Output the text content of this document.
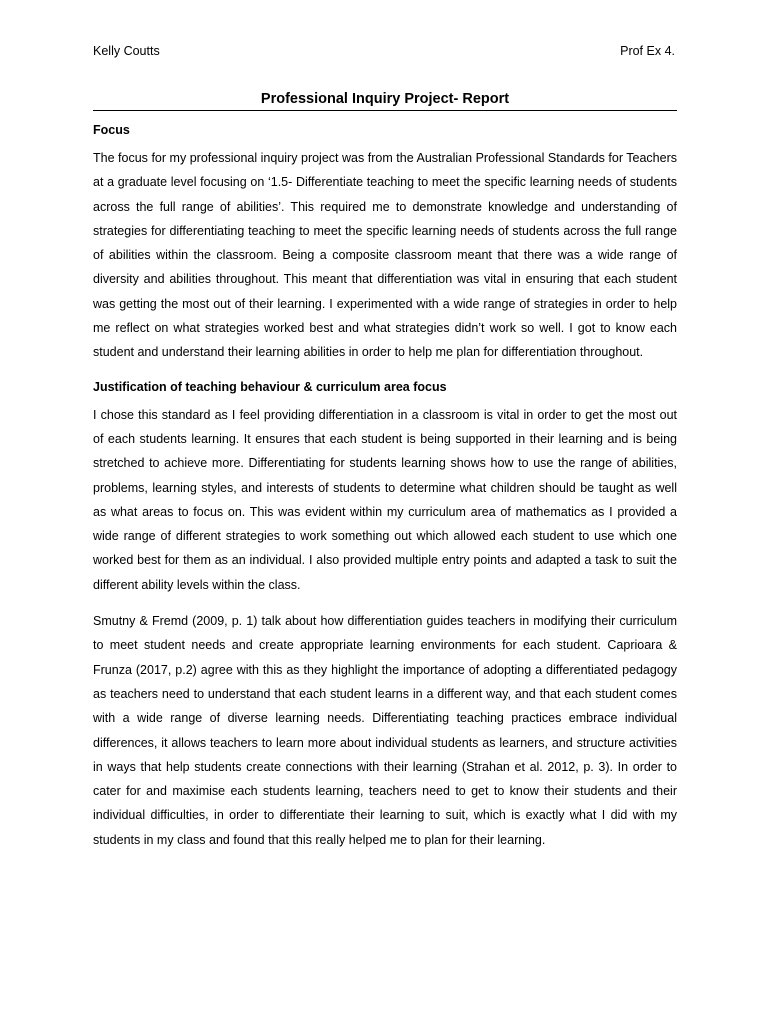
Kelly Coutts	Prof Ex 4.
Professional Inquiry Project- Report
Focus

The focus for my professional inquiry project was from the Australian Professional Standards for Teachers at a graduate level focusing on ‘1.5- Differentiate teaching to meet the specific learning needs of students across the full range of abilities’. This required me to demonstrate knowledge and understanding of strategies for differentiating teaching to meet the specific learning needs of students across the full range of abilities within the classroom. Being a composite classroom meant that there was a wide range of diversity and abilities throughout. This meant that differentiation was vital in ensuring that each student was getting the most out of their learning. I experimented with a wide range of strategies in order to help me reflect on what strategies worked best and what strategies didn’t work so well. I got to know each student and understand their learning abilities in order to help me plan for differentiation throughout.

Justification of teaching behaviour & curriculum area focus

I chose this standard as I feel providing differentiation in a classroom is vital in order to get the most out of each students learning. It ensures that each student is being supported in their learning and is being stretched to achieve more. Differentiating for students learning shows how to use the range of abilities, problems, learning styles, and interests of students to determine what children should be taught as well as what areas to focus on. This was evident within my curriculum area of mathematics as I provided a wide range of different strategies to work something out which allowed each student to use which one worked best for them as an individual. I also provided multiple entry points and adapted a task to suit the different ability levels within the class.

Smutny & Fremd (2009, p. 1) talk about how differentiation guides teachers in modifying their curriculum to meet student needs and create appropriate learning environments for each student. Caprioara & Frunza (2017, p.2) agree with this as they highlight the importance of adopting a differentiated pedagogy as teachers need to understand that each student learns in a different way, and that each student comes with a wide range of diverse learning needs. Differentiating teaching practices embrace individual differences, it allows teachers to learn more about individual students as learners, and structure activities in ways that help students create connections with their learning (Strahan et al. 2012, p. 3). In order to cater for and maximise each students learning, teachers need to get to know their students and their individual difficulties, in order to differentiate their learning to suit, which is exactly what I did with my students in my class and found that this really helped me to plan for their learning.
